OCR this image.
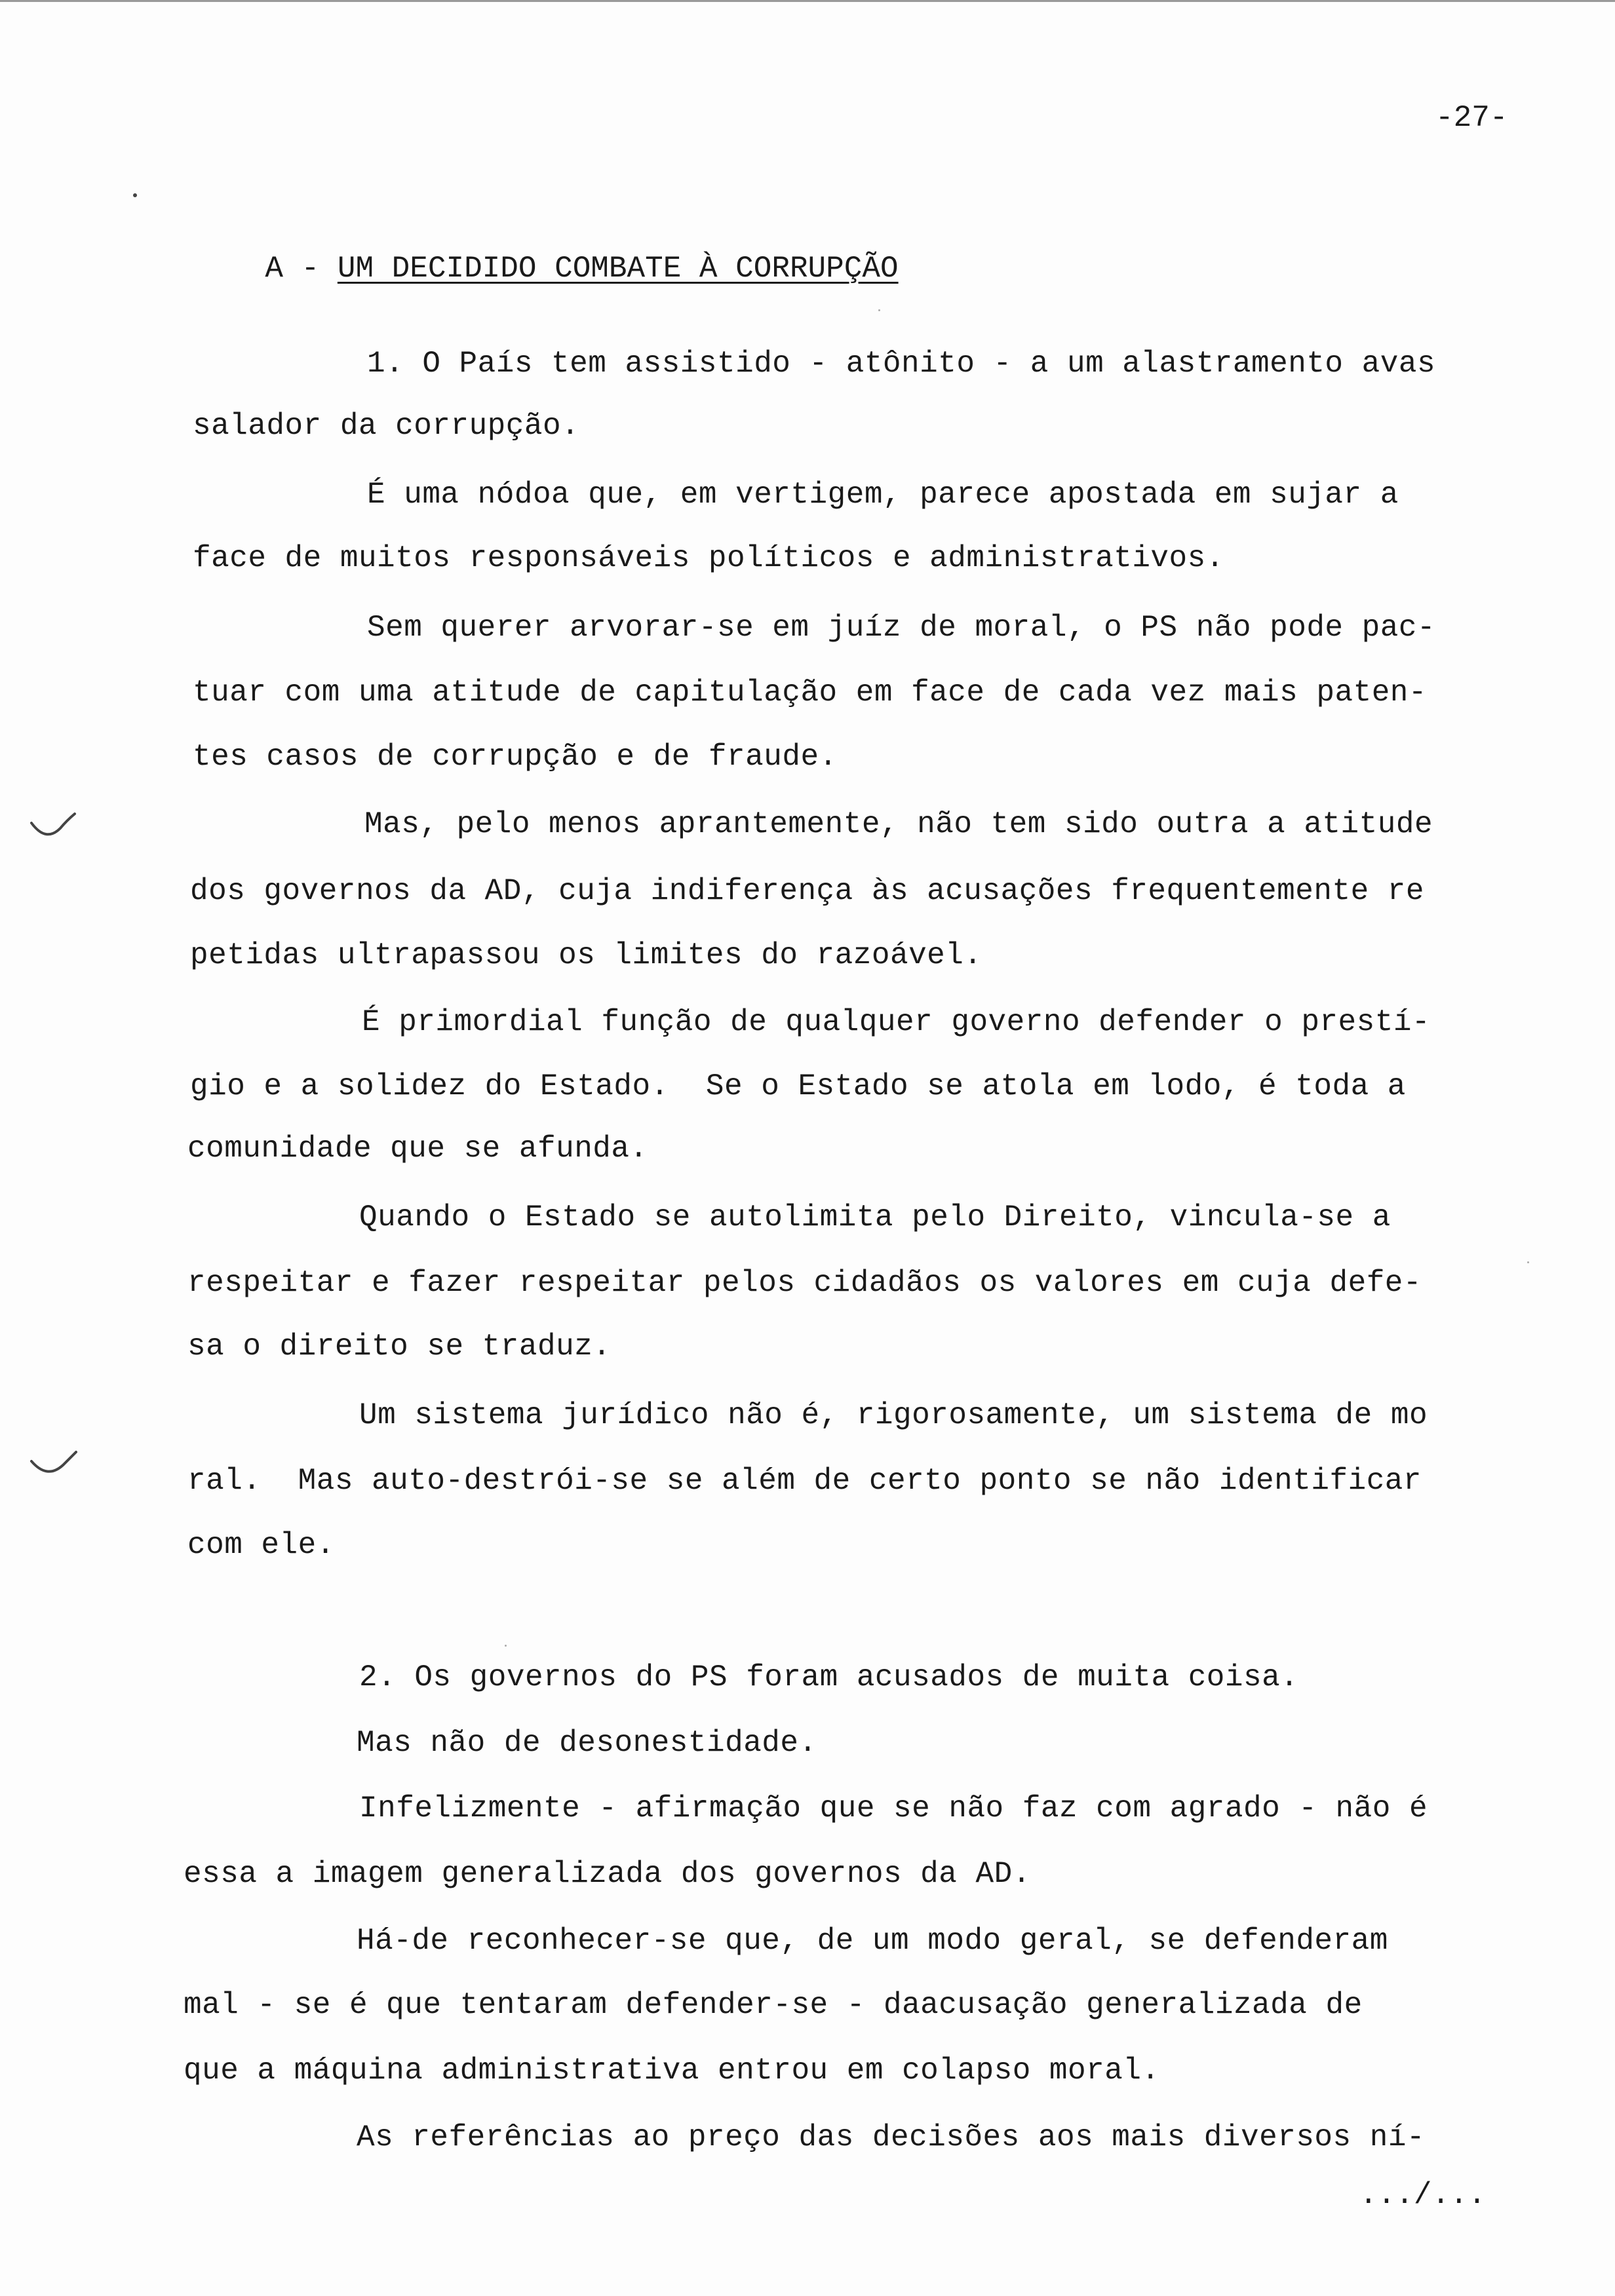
-27-

A - UM DECIDIDO COMBATE À CORRUPÇÃO

1. O País tem assistido - atônito - a um alastramento avas
salador da corrupção.
É uma nódoa que, em vertigem, parece apostada em sujar a
face de muitos responsáveis políticos e administrativos.
Sem querer arvorar-se em juíz de moral, o PS não pode pac-
tuar com uma atitude de capitulação em face de cada vez mais paten-
tes casos de corrupção e de fraude.
Mas, pelo menos aprantemente, não tem sido outra a atitude
dos governos da AD, cuja indiferença às acusações frequentemente re
petidas ultrapassou os limites do razoável.
É primordial função de qualquer governo defender o prestí-
gio e a solidez do Estado.  Se o Estado se atola em lodo, é toda a
comunidade que se afunda.
Quando o Estado se autolimita pelo Direito, vincula-se a
respeitar e fazer respeitar pelos cidadãos os valores em cuja defe-
sa o direito se traduz.
Um sistema jurídico não é, rigorosamente, um sistema de mo
ral.  Mas auto-destrói-se se além de certo ponto se não identificar
com ele.
2. Os governos do PS foram acusados de muita coisa.
Mas não de desonestidade.
Infelizmente - afirmação que se não faz com agrado - não é
essa a imagem generalizada dos governos da AD.
Há-de reconhecer-se que, de um modo geral, se defenderam
mal - se é que tentaram defender-se - daacusação generalizada de
que a máquina administrativa entrou em colapso moral.
As referências ao preço das decisões aos mais diversos ní-
.../...
